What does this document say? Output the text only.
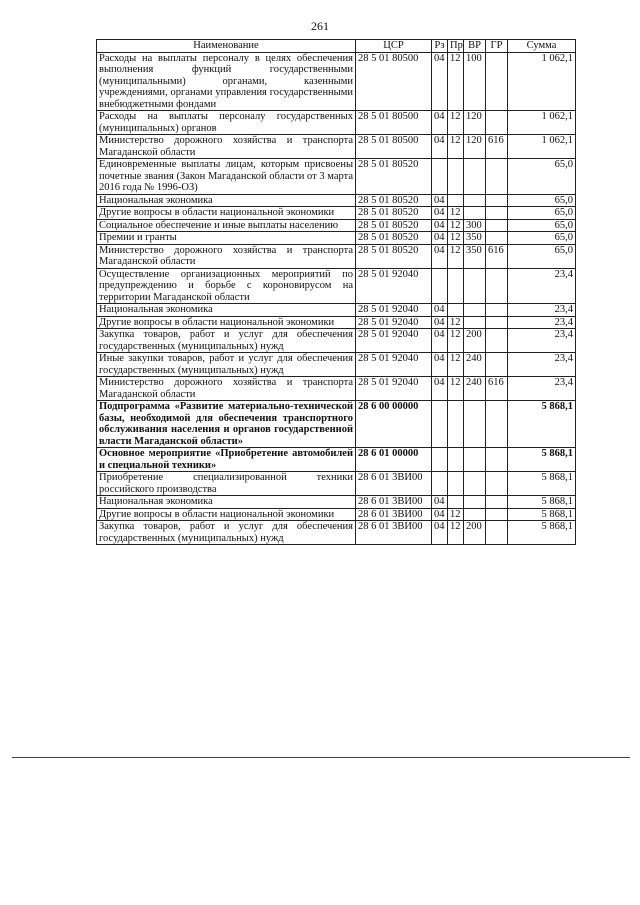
261
Наименование	ЦСР	Рз	Пр	ВР	ГР	Сумма
Расходы на выплаты персоналу в целях обеспечения выполнения функций государственными (муниципальными) органами, казенными учреждениями, органами управления государственными внебюджетными фондами	28 5 01 80500	04	12	100		1 062,1
Расходы на выплаты персоналу государственных (муниципальных) органов	28 5 01 80500	04	12	120		1 062,1
Министерство дорожного хозяйства и транспорта Магаданской области	28 5 01 80500	04	12	120	616	1 062,1
Единовременные выплаты лицам, которым присвоены почетные звания (Закон Магаданской области от 3 марта 2016 года № 1996-ОЗ)	28 5 01 80520					65,0
Национальная экономика	28 5 01 80520	04				65,0
Другие вопросы в области национальной экономики	28 5 01 80520	04	12			65,0
Социальное обеспечение и иные выплаты населению	28 5 01 80520	04	12	300		65,0
Премии и гранты	28 5 01 80520	04	12	350		65,0
Министерство дорожного хозяйства и транспорта Магаданской области	28 5 01 80520	04	12	350	616	65,0
Осуществление организационных мероприятий по предупреждению и борьбе с короновирусом на территории Магаданской области	28 5 01 92040					23,4
Национальная экономика	28 5 01 92040	04				23,4
Другие вопросы в области национальной экономики	28 5 01 92040	04	12			23,4
Закупка товаров, работ и услуг для обеспечения государственных (муниципальных) нужд	28 5 01 92040	04	12	200		23,4
Иные закупки товаров, работ и услуг для обеспечения государственных (муниципальных) нужд	28 5 01 92040	04	12	240		23,4
Министерство дорожного хозяйства и транспорта Магаданской области	28 5 01 92040	04	12	240	616	23,4
Подпрограмма «Развитие материально-технической базы, необходимой для обеспечения транспортного обслуживания населения и органов государственной власти Магаданской области»	28 6 00 00000					5 868,1
Основное мероприятие «Приобретение автомобилей и специальной техники»	28 6 01 00000					5 868,1
Приобретение специализированной техники российского производства	28 6 01 3ВИ00					5 868,1
Национальная экономика	28 6 01 3ВИ00	04				5 868,1
Другие вопросы в области национальной экономики	28 6 01 3ВИ00	04	12			5 868,1
Закупка товаров, работ и услуг для обеспечения государственных (муниципальных) нужд	28 6 01 3ВИ00	04	12	200		5 868,1
